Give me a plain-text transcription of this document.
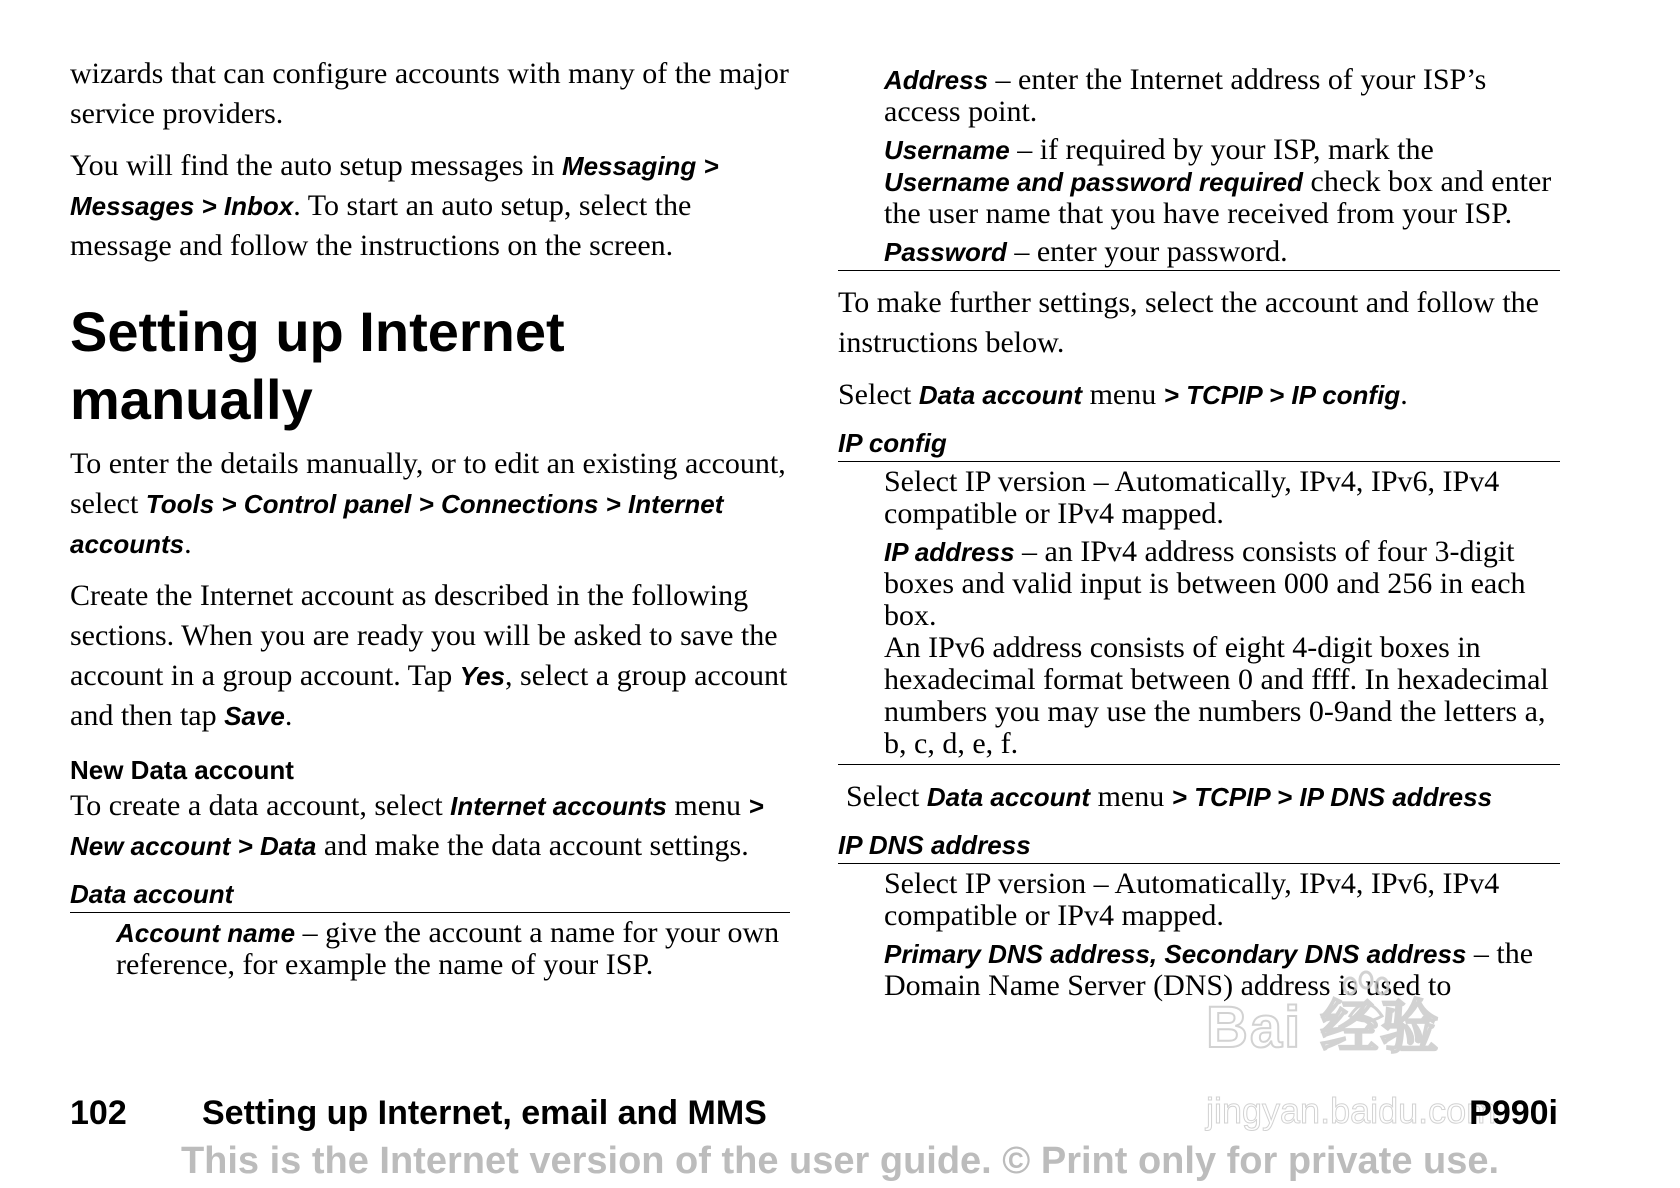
wizards that can configure accounts with many of the major service providers.

You will find the auto setup messages in Messaging > Messages > Inbox. To start an auto setup, select the message and follow the instructions on the screen.

Setting up Internet manually

To enter the details manually, or to edit an existing account, select Tools > Control panel > Connections > Internet accounts.

Create the Internet account as described in the following sections. When you are ready you will be asked to save the account in a group account. Tap Yes, select a group account and then tap Save.

New Data account

To create a data account, select Internet accounts menu > New account > Data and make the data account settings.

Data account

Account name – give the account a name for your own reference, for example the name of your ISP.

Address – enter the Internet address of your ISP’s access point.

Username – if required by your ISP, mark the Username and password required check box and enter the user name that you have received from your ISP.

Password – enter your password.

To make further settings, select the account and follow the instructions below.

Select Data account menu > TCPIP > IP config.

IP config

Select IP version – Automatically, IPv4, IPv6, IPv4 compatible or IPv4 mapped.

IP address – an IPv4 address consists of four 3-digit boxes and valid input is between 000 and 256 in each box.
An IPv6 address consists of eight 4-digit boxes in hexadecimal format between 0 and ffff. In hexadecimal numbers you may use the numbers 0-9and the letters a, b, c, d, e, f.

Select Data account menu > TCPIP > IP DNS address

IP DNS address

Select IP version – Automatically, IPv4, IPv6, IPv4 compatible or IPv4 mapped.

Primary DNS address, Secondary DNS address – the Domain Name Server (DNS) address is used to

Bai 经验
jingyan.baidu.com
102 Setting up Internet, email and MMS	P990i
This is the Internet version of the user guide. © Print only for private use.
